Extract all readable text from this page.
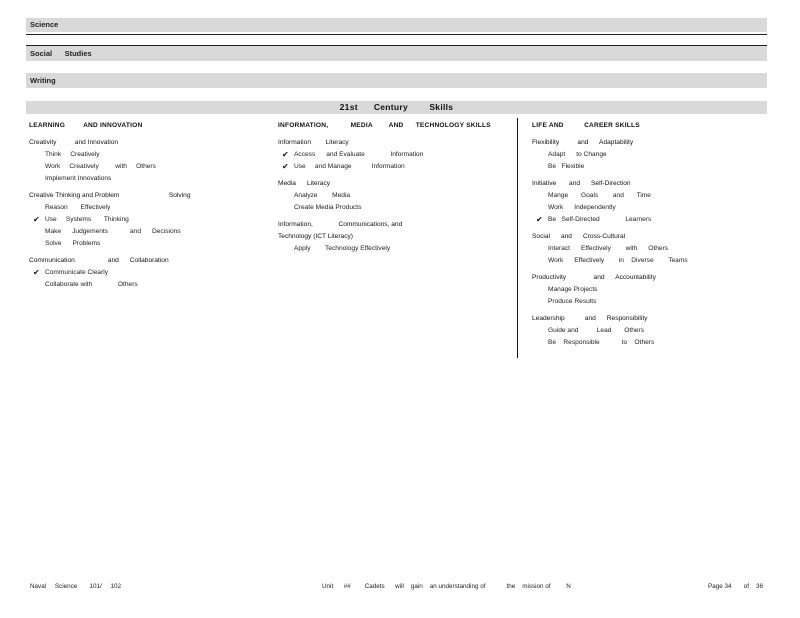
Science
Social      Studies
Writing
21st      Century        Skills
LEARNING         AND INNOVATION
Creativity          and Innovation
Think     Creatively
Work     Creatively         with     Others
Implement Innovations
Creative Thinking and Problem                           Solving
Reason       Effectively
✔ Use     Systems       Thinking
Make      Judgements            and      Decisions
Solve      Problems
Communication                  and      Collaboration
✔ Communicate Clearly
Collaborate with              Others
INFORMATION,           MEDIA        AND      TECHNOLOGY SKILLS
Information        Literacy
✔ Access      and Evaluate              Information
✔ Use     and Manage           Information
Media      Literacy
Analyze        Media
Create Media Products
Information,              Communications, and Technology (ICT Literacy)
Apply        Technology Effectively
LIFE AND          CAREER SKILLS
Flexibility          and      Adaptability
Adapt      to Change
Be   Flexible
Initiative       and      Self-Direction
Mange       Goals        and       Time
Work      Independently
✔ Be   Self-Directed              Learners
Social      and      Cross-Cultural
Interact      Effectively        with      Others
Work      Effectively        in    Diverse        Teams
Productivity               and      Accountability
Manage Projects
Produce Results
Leadership           and      Responsibility
Guide and          Lead       Others
Be    Responsible            to    Others
Naval     Science       101/     102	Unit      ##        Cadets      will    gain    an understanding of            the    mission of         N	Page 34       of    36
